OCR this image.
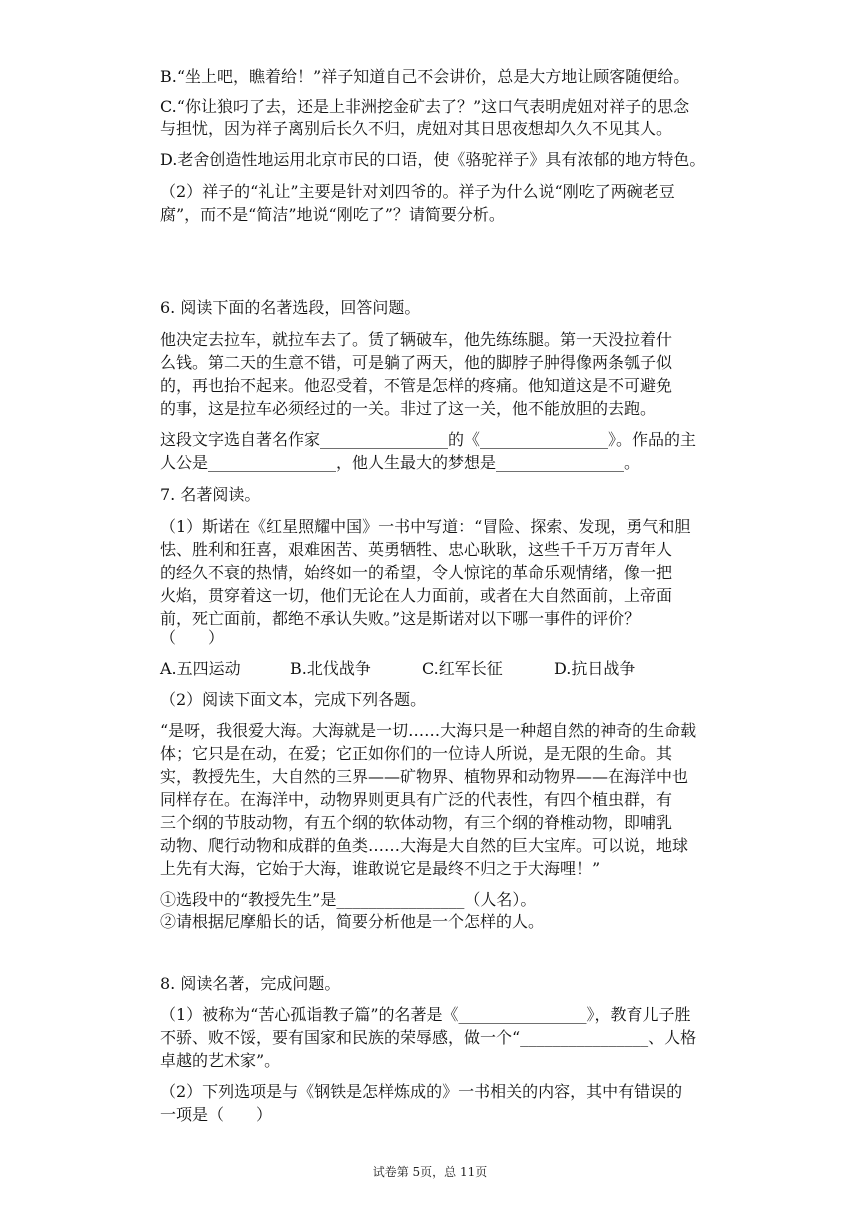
B.“坐上吧，瞧着给！”祥子知道自己不会讲价，总是大方地让顾客随便给。
C.“你让狼叼了去，还是上非洲挖金矿去了？”这口气表明虎妞对祥子的思念
与担忧，因为祥子离别后长久不归，虎妞对其日思夜想却久久不见其人。
D.老舍创造性地运用北京市民的口语，使《骆驼祥子》具有浓郁的地方特色。
（2）祥子的“礼让”主要是针对刘四爷的。祥子为什么说“刚吃了两碗老豆
腐”，而不是“简洁”地说“刚吃了”？请简要分析。
6. 阅读下面的名著选段，回答问题。
他决定去拉车，就拉车去了。赁了辆破车，他先练练腿。第一天没拉着什
么钱。第二天的生意不错，可是躺了两天，他的脚脖子肿得像两条瓠子似
的，再也抬不起来。他忍受着，不管是怎样的疼痛。他知道这是不可避免
的事，这是拉车必须经过的一关。非过了这一关，他不能放胆的去跑。
这段文字选自著名作家________________的《________________》。作品的主
人公是________________，他人生最大的梦想是________________。
7. 名著阅读。
（1）斯诺在《红星照耀中国》一书中写道：“冒险、探索、发现，勇气和胆
怯、胜利和狂喜，艰难困苦、英勇牺牲、忠心耿耿，这些千千万万青年人
的经久不衰的热情，始终如一的希望，令人惊诧的革命乐观情绪，像一把
火焰，贯穿着这一切，他们无论在人力面前，或者在大自然面前，上帝面
前，死亡面前，都绝不承认失败。”这是斯诺对以下哪一事件的评价？
（　　）
A.五四运动	B.北伐战争	C.红军长征	D.抗日战争
（2）阅读下面文本，完成下列各题。
“是呀，我很爱大海。大海就是一切……大海只是一种超自然的神奇的生命载
体；它只是在动，在爱；它正如你们的一位诗人所说，是无限的生命。其
实，教授先生，大自然的三界——矿物界、植物界和动物界——在海洋中也
同样存在。在海洋中，动物界则更具有广泛的代表性，有四个植虫群，有
三个纲的节肢动物，有五个纲的软体动物，有三个纲的脊椎动物，即哺乳
动物、爬行动物和成群的鱼类……大海是大自然的巨大宝库。可以说，地球
上先有大海，它始于大海，谁敢说它是最终不归之于大海哩！”
①选段中的“教授先生”是________________（人名）。
②请根据尼摩船长的话，简要分析他是一个怎样的人。
8. 阅读名著，完成问题。
（1）被称为“苦心孤诣教子篇”的名著是《________________》，教育儿子胜
不骄、败不馁，要有国家和民族的荣辱感，做一个“________________、人格
卓越的艺术家”。
（2）下列选项是与《钢铁是怎样炼成的》一书相关的内容，其中有错误的
一项是（　　）
试卷第 5页，总 11页
